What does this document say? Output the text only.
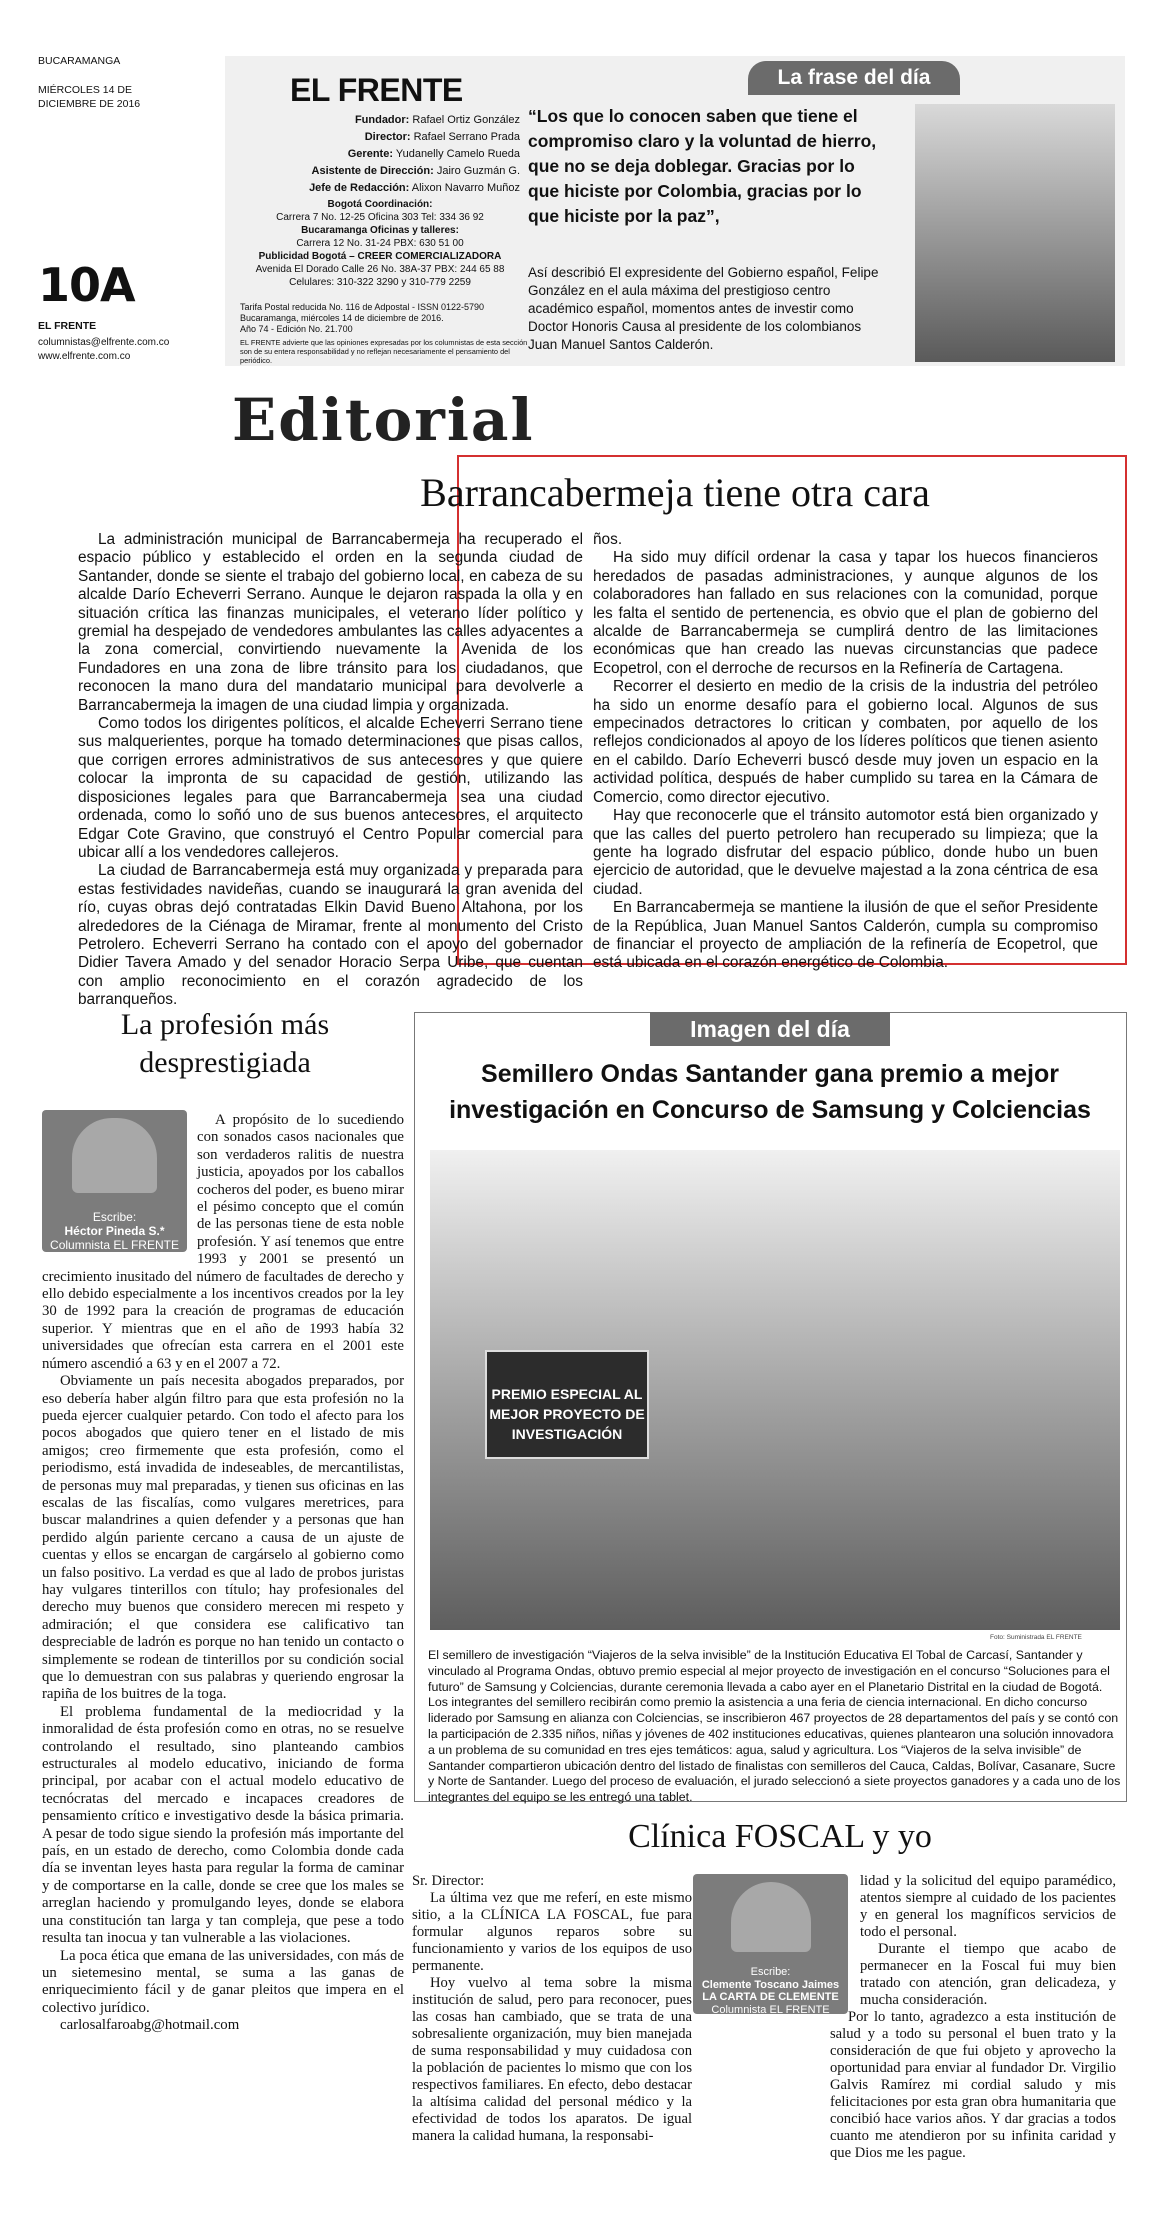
BUCARAMANGA
MIÉRCOLES 14 DE DICIEMBRE DE 2016
10A
EL FRENTE
columnistas@elfrente.com.co
www.elfrente.com.co
EL FRENTE
Fundador: Rafael Ortiz González
Director: Rafael Serrano Prada
Gerente: Yudanelly Camelo Rueda
Asistente de Dirección: Jairo Guzmán G.
Jefe de Redacción: Alixon Navarro Muñoz
Bogotá Coordinación:
Carrera 7 No. 12-25 Oficina 303 Tel: 334 36 92
Bucaramanga Oficinas y talleres:
Carrera 12 No. 31-24 PBX: 630 51 00
Publicidad Bogotá – CREER COMERCIALIZADORA
Avenida El Dorado Calle 26 No. 38A-37 PBX: 244 65 88
Celulares: 310-322 3290 y 310-779 2259
Tarifa Postal reducida No. 116 de Adpostal - ISSN 0122-5790
Bucaramanga, miércoles 14 de diciembre de 2016.
Año 74 - Edición No. 21.700
EL FRENTE advierte que las opiniones expresadas por los columnistas de esta sección son de su entera responsabilidad y no reflejan necesariamente el pensamiento del periódico.
La frase del día
“Los que lo conocen saben que tiene el compromiso claro y la voluntad de hierro, que no se deja doblegar. Gracias por lo que hiciste por Colombia, gracias por lo que hiciste por la paz”,
Así describió El expresidente del Gobierno español, Felipe González en el aula máxima del prestigioso centro académico español, momentos antes de investir como Doctor Honoris Causa al presidente de los colombianos Juan Manuel Santos Calderón.
Editorial
Barrancabermeja tiene otra cara

La administración municipal de Barrancabermeja ha recuperado el espacio público y establecido el orden en la segunda ciudad de Santander, donde se siente el trabajo del gobierno local, en cabeza de su alcalde Darío Echeverri Serrano. Aunque le dejaron raspada la olla y en situación crítica las finanzas municipales, el veterano líder político y gremial ha despejado de vendedores ambulantes las calles adyacentes a la zona comercial, convirtiendo nuevamente la Avenida de los Fundadores en una zona de libre tránsito para los ciudadanos, que reconocen la mano dura del mandatario municipal para devolverle a Barrancabermeja la imagen de una ciudad limpia y organizada.

Como todos los dirigentes políticos, el alcalde Echeverri Serrano tiene sus malquerientes, porque ha tomado determinaciones que pisas callos, que corrigen errores administrativos de sus antecesores y que quiere colocar la impronta de su capacidad de gestión, utilizando las disposiciones legales para que Barrancabermeja sea una ciudad ordenada, como lo soñó uno de sus buenos antecesores, el arquitecto Edgar Cote Gravino, que construyó el Centro Popular comercial para ubicar allí a los vendedores callejeros.

La ciudad de Barrancabermeja está muy organizada y preparada para estas festividades navideñas, cuando se inaugurará la gran avenida del río, cuyas obras dejó contratadas Elkin David Bueno Altahona, por los alrededores de la Ciénaga de Miramar, frente al monumento del Cristo Petrolero. Echeverri Serrano ha contado con el apoyo del gobernador Didier Tavera Amado y del senador Horacio Serpa Uribe, que cuentan con amplio reconocimiento en el corazón agradecido de los barranqueños.

ños.

Ha sido muy difícil ordenar la casa y tapar los huecos financieros heredados de pasadas administraciones, y aunque algunos de los colaboradores han fallado en sus relaciones con la comunidad, porque les falta el sentido de pertenencia, es obvio que el plan de gobierno del alcalde de Barrancabermeja se cumplirá dentro de las limitaciones económicas que han creado las nuevas circunstancias que padece Ecopetrol, con el derroche de recursos en la Refinería de Cartagena.

Recorrer el desierto en medio de la crisis de la industria del petróleo ha sido un enorme desafío para el gobierno local. Algunos de sus empecinados detractores lo critican y combaten, por aquello de los reflejos condicionados al apoyo de los líderes políticos que tienen asiento en el cabildo. Darío Echeverri buscó desde muy joven un espacio en la actividad política, después de haber cumplido su tarea en la Cámara de Comercio, como director ejecutivo.

Hay que reconocerle que el tránsito automotor está bien organizado y que las calles del puerto petrolero han recuperado su limpieza; que la gente ha logrado disfrutar del espacio público, donde hubo un buen ejercicio de autoridad, que le devuelve majestad a la zona céntrica de esa ciudad.

En Barrancabermeja se mantiene la ilusión de que el señor Presidente de la República, Juan Manuel Santos Calderón, cumpla su compromiso de financiar el proyecto de ampliación de la refinería de Ecopetrol, que está ubicada en el corazón energético de Colombia.

La profesión más desprestigiada
Escribe:
Héctor Pineda S.*
Columnista EL FRENTE

A propósito de lo sucediendo con sonados casos nacionales que son verdaderos ralitis de nuestra justicia, apoyados por los caballos cocheros del poder, es bueno mirar el pésimo concepto que el común de las personas tiene de esta noble profesión. Y así tenemos que entre 1993 y 2001 se presentó un crecimiento inusitado del número de facultades de derecho y ello debido especialmente a los incentivos creados por la ley 30 de 1992 para la creación de programas de educación superior. Y mientras que en el año de 1993 había 32 universidades que ofrecían esta carrera en el 2001 este número ascendió a 63 y en el 2007 a 72.

Obviamente un país necesita abogados preparados, por eso debería haber algún filtro para que esta profesión no la pueda ejercer cualquier petardo. Con todo el afecto para los pocos abogados que quiero tener en el listado de mis amigos; creo firmemente que esta profesión, como el periodismo, está invadida de indeseables, de mercantilistas, de personas muy mal preparadas, y tienen sus oficinas en las escalas de las fiscalías, como vulgares meretrices, para buscar malandrines a quien defender y a personas que han perdido algún pariente cercano a causa de un ajuste de cuentas y ellos se encargan de cargárselo al gobierno como un falso positivo. La verdad es que al lado de probos juristas hay vulgares tinterillos con título; hay profesionales del derecho muy buenos que considero merecen mi respeto y admiración; el que considera ese calificativo tan despreciable de ladrón es porque no han tenido un contacto o simplemente se rodean de tinterillos por su condición social que lo demuestran con sus palabras y queriendo engrosar la rapiña de los buitres de la toga.

El problema fundamental de la mediocridad y la inmoralidad de ésta profesión como en otras, no se resuelve controlando el resultado, sino planteando cambios estructurales al modelo educativo, iniciando de forma principal, por acabar con el actual modelo educativo de tecnócratas del mercado e incapaces creadores de pensamiento crítico e investigativo desde la básica primaria. A pesar de todo sigue siendo la profesión más importante del país, en un estado de derecho, como Colombia donde cada día se inventan leyes hasta para regular la forma de caminar y de comportarse en la calle, donde se cree que los males se arreglan haciendo y promulgando leyes, donde se elabora una constitución tan larga y tan compleja, que pese a todo resulta tan inocua y tan vulnerable a las violaciones.

La poca ética que emana de las universidades, con más de un sietemesino mental, se suma a las ganas de enriquecimiento fácil y de ganar pleitos que impera en el colectivo jurídico.

carlosalfaroabg@hotmail.com

Imagen del día
Semillero Ondas Santander gana premio a mejor investigación en Concurso de Samsung y Colciencias
PREMIO ESPECIAL AL MEJOR PROYECTO DE INVESTIGACIÓN
Foto: Suministrada EL FRENTE
El semillero de investigación “Viajeros de la selva invisible” de la Institución Educativa El Tobal de Carcasí, Santander y vinculado al Programa Ondas, obtuvo premio especial al mejor proyecto de investigación en el concurso “Soluciones para el futuro” de Samsung y Colciencias, durante ceremonia llevada a cabo ayer en el Planetario Distrital en la ciudad de Bogotá. Los integrantes del semillero recibirán como premio la asistencia a una feria de ciencia internacional. En dicho concurso liderado por Samsung en alianza con Colciencias, se inscribieron 467 proyectos de 28 departamentos del país y se contó con la participación de 2.335 niños, niñas y jóvenes de 402 instituciones educativas, quienes plantearon una solución innovadora a un problema de su comunidad en tres ejes temáticos: agua, salud y agricultura. Los “Viajeros de la selva invisible” de Santander compartieron ubicación dentro del listado de finalistas con semilleros del Cauca, Caldas, Bolívar, Casanare, Sucre y Norte de Santander. Luego del proceso de evaluación, el jurado seleccionó a siete proyectos ganadores y a cada uno de los integrantes del equipo se les entregó una tablet.
Clínica FOSCAL y yo

Sr. Director:

La última vez que me referí, en este mismo sitio, a la CLÍNICA LA FOSCAL, fue para formular algunos reparos sobre su funcionamiento y varios de los equipos de uso permanente.

Hoy vuelvo al tema sobre la misma institución de salud, pero para reconocer, pues las cosas han cambiado, que se trata de una sobresaliente organización, muy bien manejada de suma responsabilidad y muy cuidadosa con la población de pacientes lo mismo que con los respectivos familiares. En efecto, debo destacar la altísima calidad del personal médico y la efectividad de todos los aparatos. De igual manera la calidad humana, la responsabi-

Escribe:
Clemente Toscano Jaimes
LA CARTA DE CLEMENTE
Columnista EL FRENTE

lidad y la solicitud del equipo paramédico, atentos siempre al cuidado de los pacientes y en general los magníficos servicios de todo el personal.

Durante el tiempo que acabo de permanecer en la Foscal fui muy bien tratado con atención, gran delicadeza, y mucha consideración.

Por lo tanto, agradezco a esta institución de salud y a todo su personal el buen trato y la consideración de que fui objeto y aprovecho la oportunidad para enviar al fundador Dr. Virgilio Galvis Ramírez mi cordial saludo y mis felicitaciones por esta gran obra humanitaria que concibió hace varios años. Y dar gracias a todos cuanto me atendieron por su infinita caridad y que Dios me les pague.
